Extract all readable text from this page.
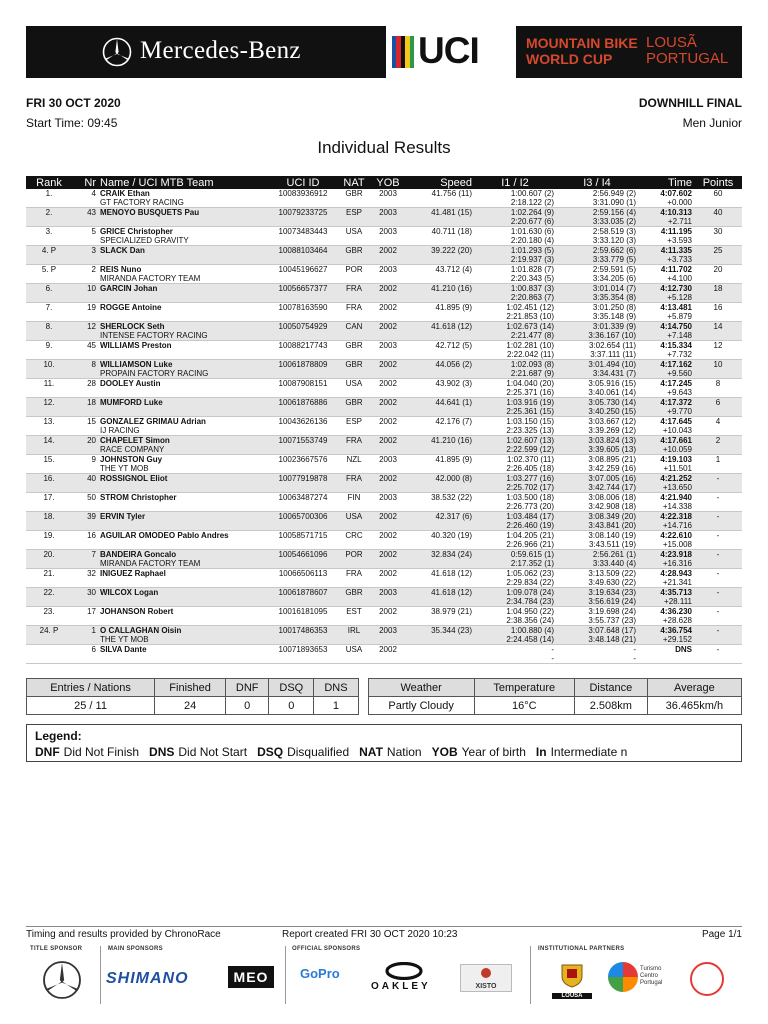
Mercedes-Benz	UCI	MOUNTAIN BIKE
WORLD CUP
LOUSÃ
PORTUGAL
FRI 30 OCT 2020
Start Time: 09:45
DOWNHILL FINAL
Men Junior
Individual Results
Rank	Nr	Name / UCI MTB Team	UCI ID	NAT	YOB	Speed	I1 / I2	I3 / I4	Time	Points
1.	4	CRAIK Ethan	10083936912	GBR	2003	41.756 (11)	1:00.607 (2)	2:56.949 (2)	4:07.602	60
		GT FACTORY RACING					2:18.122 (2)	3:31.090 (1)	+0.000	
2.	43	MENOYO BUSQUETS Pau	10079233725	ESP	2003	41.481 (15)	1:02.264 (9)	2:59.156 (4)	4:10.313	40
							2:20.677 (6)	3:33.035 (2)	+2.711	
3.	5	GRICE Christopher	10073483443	USA	2003	40.711 (18)	1:01.630 (6)	2:58.519 (3)	4:11.195	30
		SPECIALIZED GRAVITY					2:20.180 (4)	3:33.120 (3)	+3.593	
4. P	3	SLACK Dan	10088103464	GBR	2002	39.222 (20)	1:01.293 (5)	2:59.662 (6)	4:11.335	25
							2:19.937 (3)	3:33.779 (5)	+3.733	
5. P	2	REIS Nuno	10045196627	POR	2003	43.712 (4)	1:01.828 (7)	2:59.591 (5)	4:11.702	20
		MIRANDA FACTORY TEAM					2:20.343 (5)	3:34.205 (6)	+4.100	
6.	10	GARCIN Johan	10056657377	FRA	2002	41.210 (16)	1:00.837 (3)	3:01.014 (7)	4:12.730	18
							2:20.863 (7)	3:35.354 (8)	+5.128	
7.	19	ROGGE Antoine	10078163590	FRA	2002	41.895 (9)	1:02.451 (12)	3:01.250 (8)	4:13.481	16
							2:21.853 (10)	3:35.148 (9)	+5.879	
8.	12	SHERLOCK Seth	10050754929	CAN	2002	41.618 (12)	1:02.673 (14)	3:01.339 (9)	4:14.750	14
		INTENSE FACTORY RACING					2:21.477 (8)	3:36.167 (10)	+7.148	
9.	45	WILLIAMS Preston	10088217743	GBR	2003	42.712 (5)	1:02.281 (10)	3:02.654 (11)	4:15.334	12
							2:22.042 (11)	3:37.111 (11)	+7.732	
10.	8	WILLIAMSON Luke	10061878809	GBR	2002	44.056 (2)	1:02.093 (8)	3:01.494 (10)	4:17.162	10
		PROPAIN FACTORY RACING					2:21.687 (9)	3:34.431 (7)	+9.560	
11.	28	DOOLEY Austin	10087908151	USA	2002	43.902 (3)	1:04.040 (20)	3:05.916 (15)	4:17.245	8
							2:25.371 (16)	3:40.061 (14)	+9.643	
12.	18	MUMFORD Luke	10061876886	GBR	2002	44.641 (1)	1:03.916 (19)	3:05.730 (14)	4:17.372	6
							2:25.361 (15)	3:40.250 (15)	+9.770	
13.	15	GONZALEZ GRIMAU Adrian	10043626136	ESP	2002	42.176 (7)	1:03.150 (15)	3:03.667 (12)	4:17.645	4
		IJ RACING					2:23.325 (13)	3:39.269 (12)	+10.043	
14.	20	CHAPELET Simon	10071553749	FRA	2002	41.210 (16)	1:02.607 (13)	3:03.824 (13)	4:17.661	2
		RACE COMPANY					2:22.599 (12)	3:39.605 (13)	+10.059	
15.	9	JOHNSTON Guy	10023667576	NZL	2003	41.895 (9)	1:02.370 (11)	3:08.895 (21)	4:19.103	1
		THE YT MOB					2:26.405 (18)	3:42.259 (16)	+11.501	
16.	40	ROSSIGNOL Eliot	10077919878	FRA	2002	42.000 (8)	1:03.277 (16)	3:07.005 (16)	4:21.252	-
							2:25.702 (17)	3:42.744 (17)	+13.650	
17.	50	STROM Christopher	10063487274	FIN	2003	38.532 (22)	1:03.500 (18)	3:08.006 (18)	4:21.940	-
							2:26.773 (20)	3:42.908 (18)	+14.338	
18.	39	ERVIN Tyler	10065700306	USA	2002	42.317 (6)	1:03.484 (17)	3:08.349 (20)	4:22.318	-
							2:26.460 (19)	3:43.841 (20)	+14.716	
19.	16	AGUILAR OMODEO Pablo Andres	10058571715	CRC	2002	40.320 (19)	1:04.205 (21)	3:08.140 (19)	4:22.610	-
							2:26.966 (21)	3:43.511 (19)	+15.008	
20.	7	BANDEIRA Goncalo	10054661096	POR	2002	32.834 (24)	0:59.615 (1)	2:56.261 (1)	4:23.918	-
		MIRANDA FACTORY TEAM					2:17.352 (1)	3:33.440 (4)	+16.316	
21.	32	INIGUEZ Raphael	10066506113	FRA	2002	41.618 (12)	1:05.062 (23)	3:13.509 (22)	4:28.943	-
							2:29.834 (22)	3:49.630 (22)	+21.341	
22.	30	WILCOX Logan	10061878607	GBR	2003	41.618 (12)	1:09.078 (24)	3:19.634 (23)	4:35.713	-
							2:34.784 (23)	3:56.619 (24)	+28.111	
23.	17	JOHANSON Robert	10016181095	EST	2002	38.979 (21)	1:04.950 (22)	3:19.698 (24)	4:36.230	-
							2:38.356 (24)	3:55.737 (23)	+28.628	
24. P	1	O CALLAGHAN Oisin	10017486353	IRL	2003	35.344 (23)	1:00.880 (4)	3:07.648 (17)	4:36.754	-
		THE YT MOB					2:24.458 (14)	3:48.148 (21)	+29.152	
	6	SILVA Dante	10071893653	USA	2002		-	-	DNS	-
							-	-		
Entries / Nations	Finished	DNF	DSQ	DNS		Weather	Temperature	Distance	Average
25 / 11	24	0	0	1		Partly Cloudy	16°C	2.508km	36.465km/h
Legend:
DNF Did Not Finish DNS Did Not Start DSQ Disqualified NAT Nation YOB Year of birth In Intermediate n
Timing and results provided by ChronoRace	Report created FRI 30 OCT 2020 10:23	Page 1/1
TITLE SPONSOR	MAIN SPONSORS	OFFICIAL SPONSORS	INSTITUTIONAL PARTNERS
SHIMANO	MEO	GoPro
OAKLEY	XISTO
LOUSÃ
Turismo Centro Portugal
